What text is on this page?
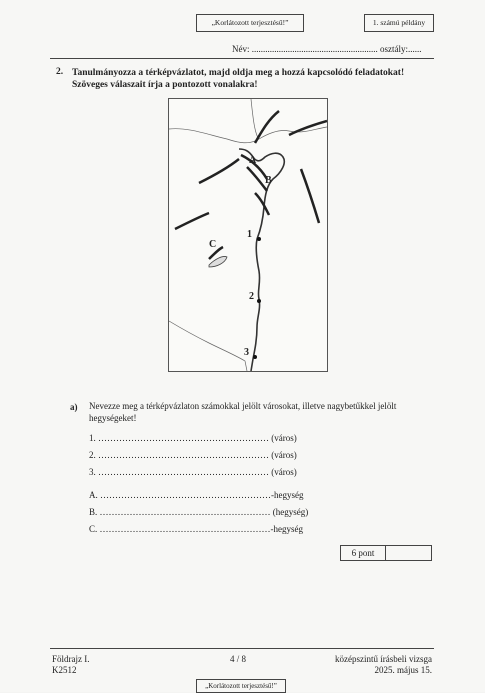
„Korlátozott terjesztésű!”	1. számú példány
Név: ........................................................ osztály:......
2. Tanulmányozza a térképvázlatot, majd oldja meg a hozzá kapcsolódó feladatokat! Szöveges válaszait írja a pontozott vonalakra!
A
B
C
1
2
3
a) Nevezze meg a térképvázlaton számokkal jelölt városokat, illetve nagybetűkkel jelölt hegységeket!
1. ………………………………………………… (város)
2. ………………………………………………… (város)
3. ………………………………………………… (város)
A. …………………………………………………-hegység
B. ………………………………………………… (hegység)
C. …………………………………………………-hegység
6 pont
Földrajz I.
K2512
4 / 8	középszintű írásbeli vizsga
2025. május 15.
„Korlátozott terjesztésű!”
